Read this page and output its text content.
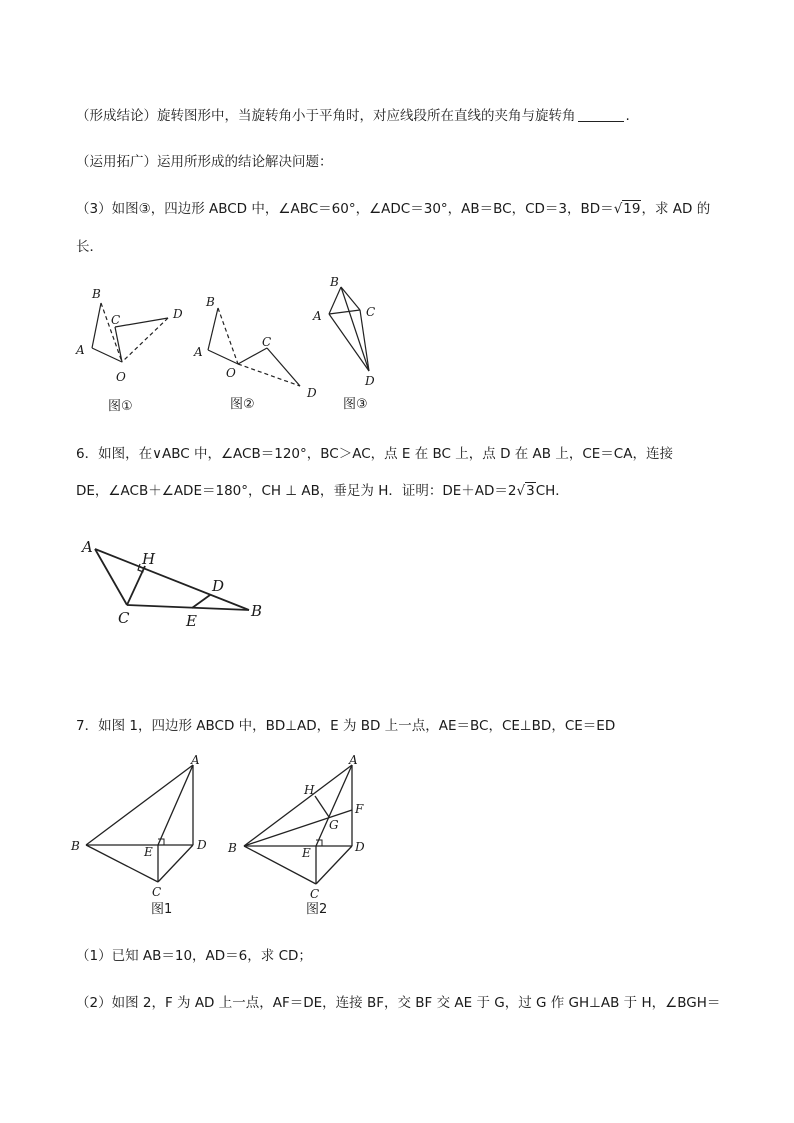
（形成结论）旋转图形中，当旋转角小于平角时，对应线段所在直线的夹角与旋转角	.
（运用拓广）运用所形成的结论解决问题：
（3）如图③，四边形 ABCD 中，∠ABC＝60°，∠ADC＝30°，AB＝BC，CD＝3，BD＝√19，求 AD 的
长．
A
B
C	D
O
图①
A
B
C
D
O
图②
B
A	C
D
图③
6．如图，在∨ABC 中，∠ACB＝120°，BC＞AC，点 E 在 BC 上，点 D 在 AB 上，CE＝CA，连接
DE，∠ACB＋∠ADE＝180°，CH ⊥ AB，垂足为 H．证明：DE＋AD＝2√3CH．
A
H
D
C	E
B
7．如图 1，四边形 ABCD 中，BD⊥AD，E 为 BD 上一点，AE＝BC，CE⊥BD，CE＝ED
A
B	E	D
C
图1
A
H
F
G
B	E	D
C
图2
（1）已知 AB＝10，AD＝6，求 CD；
（2）如图 2，F 为 AD 上一点，AF＝DE，连接 BF，交 BF 交 AE 于 G，过 G 作 GH⊥AB 于 H，∠BGH＝
